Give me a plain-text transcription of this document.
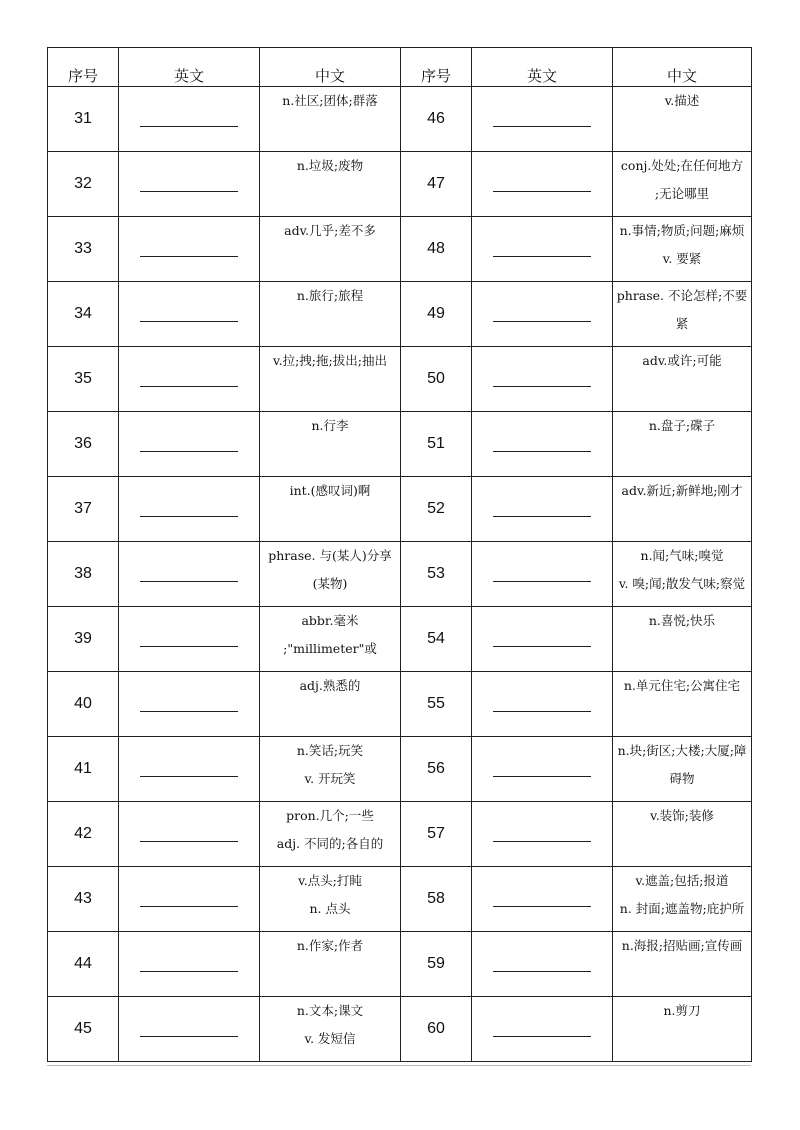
序号	英文	中文	序号	英文	中文
31		n.社区;团体;群落	46		v.描述

32		n.垃圾;废物	47		conj.处处;在任何地方
;无论哪里

33		adv.几乎;差不多	48		n.事情;物质;问题;麻烦
v. 要紧

34		n.旅行;旅程	49		phrase. 不论怎样;不要
紧

35		v.拉;拽;拖;拔出;抽出	50		adv.或许;可能

36		n.行李	51		n.盘子;碟子

37		int.(感叹词)啊	52		adv.新近;新鲜地;刚才

38		phrase. 与(某人)分享
(某物)	53		n.闻;气味;嗅觉
v. 嗅;闻;散发气味;察觉

39		abbr.毫米
;"millimeter"或	54		n.喜悦;快乐

40		adj.熟悉的	55		n.单元住宅;公寓住宅

41		n.笑话;玩笑
v. 开玩笑	56		n.块;街区;大楼;大厦;障
碍物

42		pron.几个;一些
adj. 不同的;各自的	57		v.装饰;装修

43		v.点头;打盹
n. 点头	58		v.遮盖;包括;报道
n. 封面;遮盖物;庇护所

44		n.作家;作者	59		n.海报;招贴画;宣传画

45		n.文本;课文
v. 发短信	60		n.剪刀
